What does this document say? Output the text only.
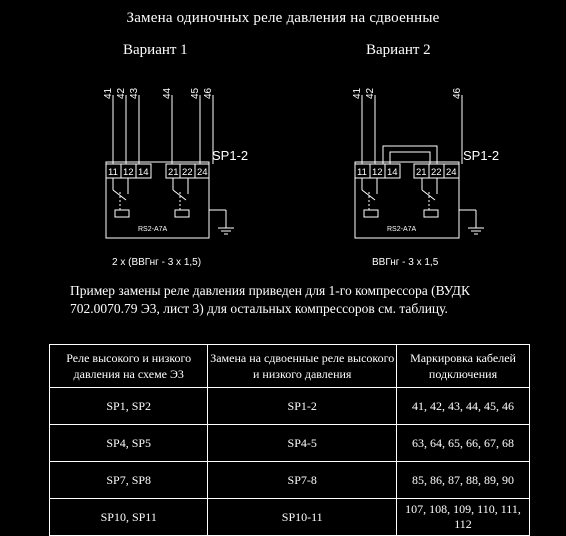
Замена одиночных реле давления на сдвоенные
Вариант 1	Вариант 2
41 42 43 44 45 46
11 12 14 21 22 24
SP1-2
RS2-A7A
2 x (ВВГнг - 3 х 1,5)
41 42	46
11 12 14 21 22 24
SP1-2
RS2-A7A
ВВГнг - 3 х 1,5
Пример замены реле давления приведен для 1-го компрессора (ВУДК 702.0070.79 Э3, лист 3) для остальных компрессоров см. таблицу.
Реле высокого и низкого давления на схеме Э3	Замена на сдвоенные реле высокого и низкого давления	Маркировка кабелей подключения
SP1, SP2	SP1-2	41, 42, 43, 44, 45, 46
SP4, SP5	SP4-5	63, 64, 65, 66, 67, 68
SP7, SP8	SP7-8	85, 86, 87, 88, 89, 90
SP10, SP11	SP10-11	107, 108, 109, 110, 111, 112
